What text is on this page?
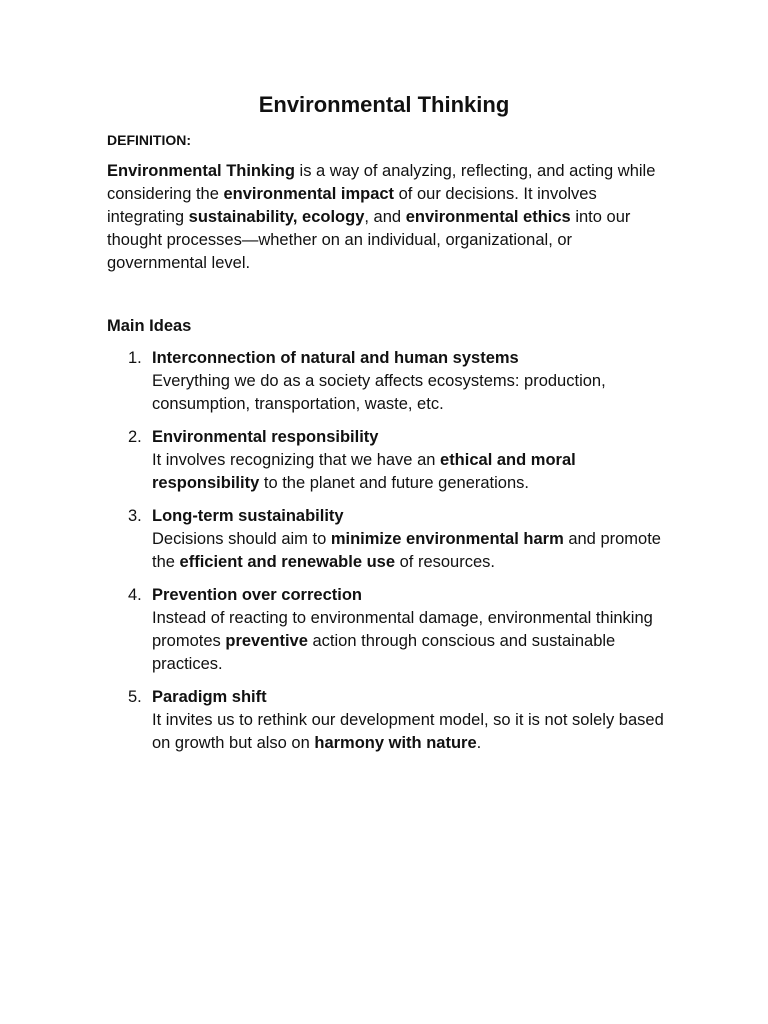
Environmental Thinking

DEFINITION:

Environmental Thinking is a way of analyzing, reflecting, and acting while considering the environmental impact of our decisions. It involves integrating sustainability, ecology, and environmental ethics into our thought processes—whether on an individual, organizational, or governmental level.

Main Ideas
1. Interconnection of natural and human systems
Everything we do as a society affects ecosystems: production, consumption, transportation, waste, etc.
2. Environmental responsibility
It involves recognizing that we have an ethical and moral responsibility to the planet and future generations.
3. Long-term sustainability
Decisions should aim to minimize environmental harm and promote the efficient and renewable use of resources.
4. Prevention over correction
Instead of reacting to environmental damage, environmental thinking promotes preventive action through conscious and sustainable practices.
5. Paradigm shift
It invites us to rethink our development model, so it is not solely based on growth but also on harmony with nature.
